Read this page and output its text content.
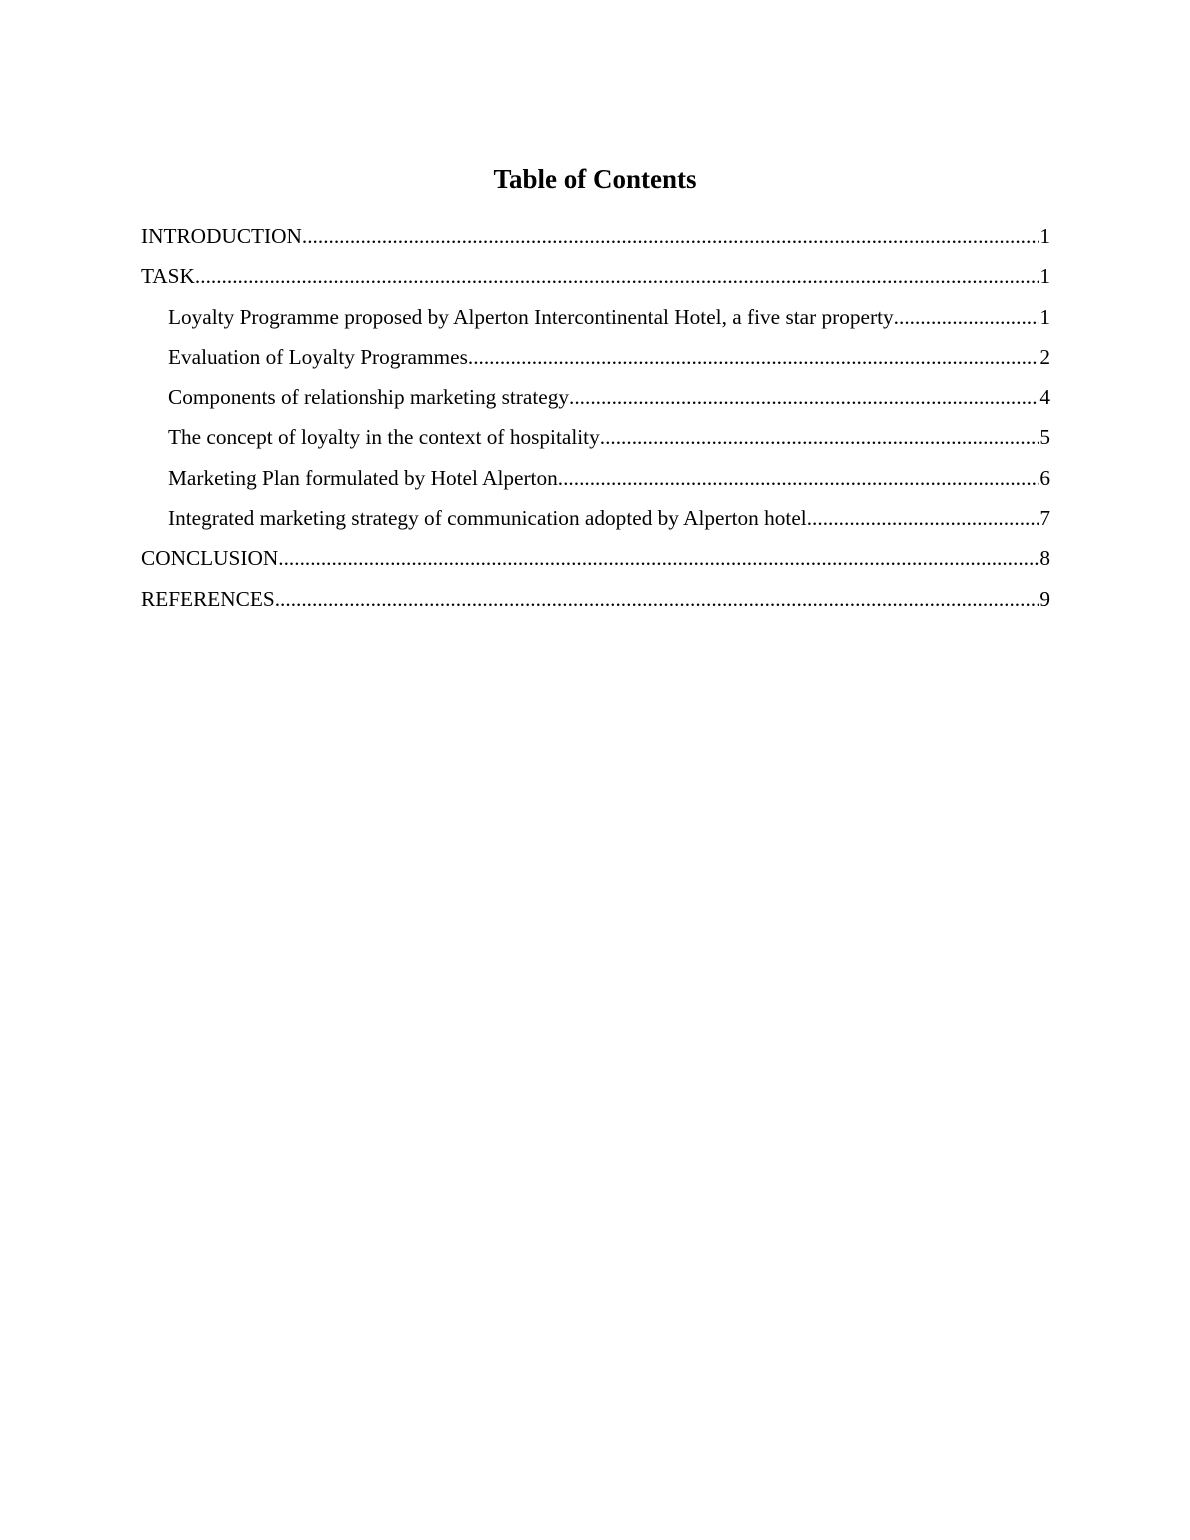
Table of Contents
INTRODUCTION .....	1
TASK .....	1
Loyalty Programme proposed by Alperton Intercontinental Hotel, a five star property .....	1
Evaluation of Loyalty Programmes .....	2
Components of relationship marketing strategy .....	4
The concept of loyalty in the context of hospitality .....	5
Marketing Plan formulated by Hotel Alperton .....	6
Integrated marketing strategy of communication adopted by Alperton hotel .....	7
CONCLUSION .....	8
REFERENCES .....	9
